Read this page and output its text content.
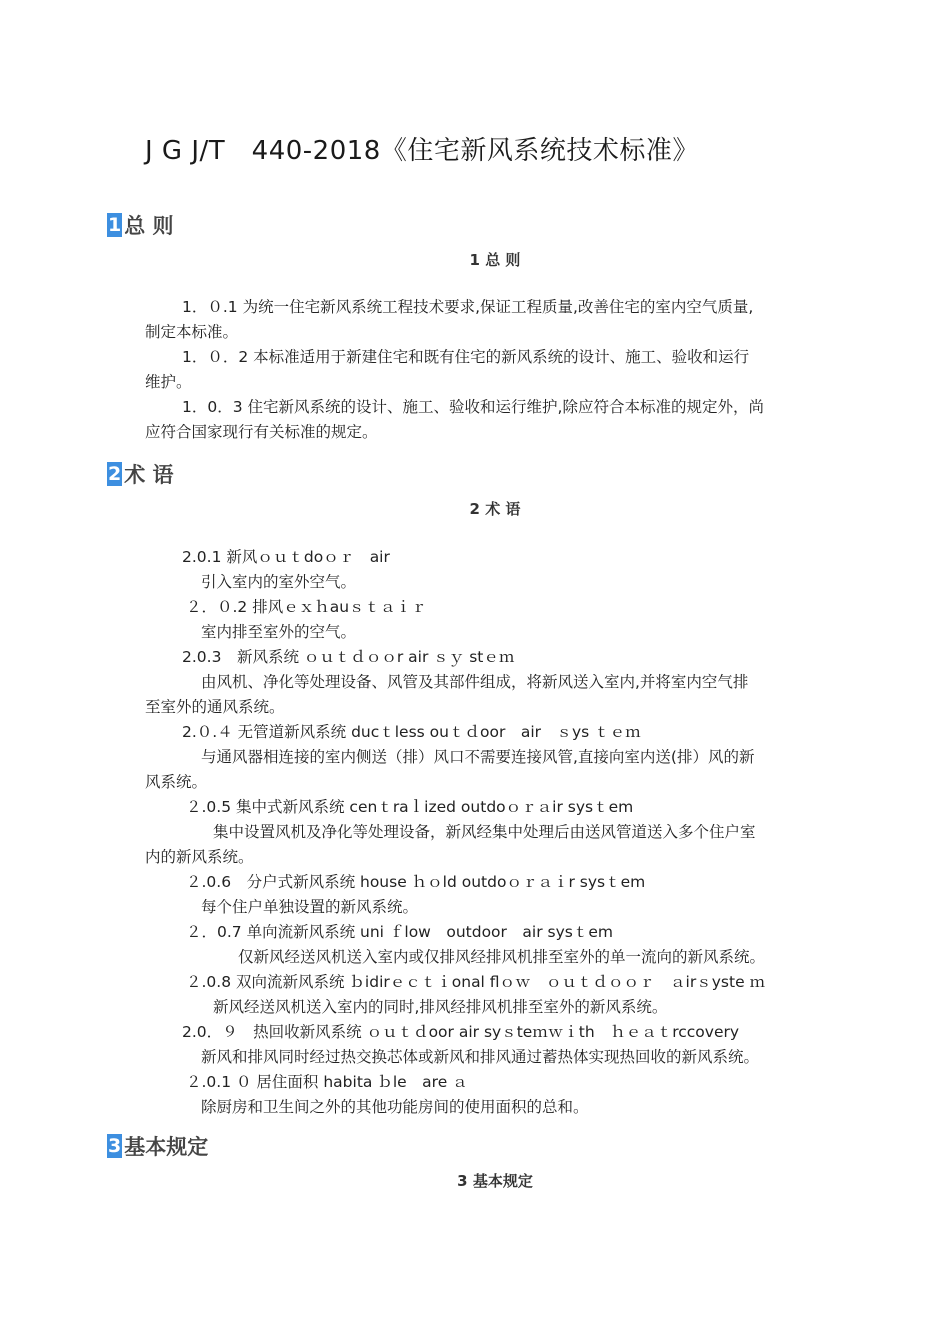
J G J/T　440-2018《住宅新风系统技术标准》
1 总 则
1 总 则

1．０.1 为统一住宅新风系统工程技术要求,保证工程质量,改善住宅的室内空气质量,

制定本标准。

1．０．2 本标准适用于新建住宅和既有住宅的新风系统的设计、施工、验收和运行

维护。

1．0．3 住宅新风系统的设计、施工、验收和运行维护,除应符合本标准的规定外，尚

应符合国家现行有关标准的规定。

2 术 语
2 术 语

2.0.1 新风ｏｕｔdoｏｒ　air

引入室内的室外空气。

２．０.2 排风ｅｘｈauｓｔａｉｒ

室内排至室外的空气。

2.0.3　新风系统 ｏｕｔｄｏｏr air ｓｙ stｅｍ

由风机、净化等处理设备、风管及其部件组成，将新风送入室内,并将室内空气排

至室外的通风系统。

2.０.４ 无管道新风系统 ducｔless ouｔｄoor　air　ｓys ｔｅｍ

与通风器相连接的室内侧送（排）风口不需要连接风管,直接向室内送(排）风的新

风系统。

２.0.5 集中式新风系统 cenｔraｌized outdoｏｒａir sysｔem

集中设置风机及净化等处理设备，新风经集中处理后由送风管道送入多个住户室

内的新风系统。

２.0.6　分户式新风系统 house ｈｏld outdoｏｒａｉr sysｔem

每个住户单独设置的新风系统。

２．0.7 单向流新风系统 uni ｆlow　outdoor　air sysｔem

仅新风经送风机送入室内或仅排风经排风机排至室外的单一流向的新风系统。

２.0.8 双向流新风系统 ｂidirｅｃｔｉonal flｏｗ　ｏｕｔｄｏｏｒ　ａirｓyste ｍ

新风经送风机送入室内的同时,排风经排风机排至室外的新风系统。

2.0．９　热回收新风系统 ｏｕｔｄoor air syｓteｍｗｉth　ｈｅａｔrccovery

新风和排风同时经过热交换芯体或新风和排风通过蓄热体实现热回收的新风系统。

２.0.1 ０ 居住面积 habita ｂle　are ａ

除厨房和卫生间之外的其他功能房间的使用面积的总和。

3 基本规定
3 基本规定
